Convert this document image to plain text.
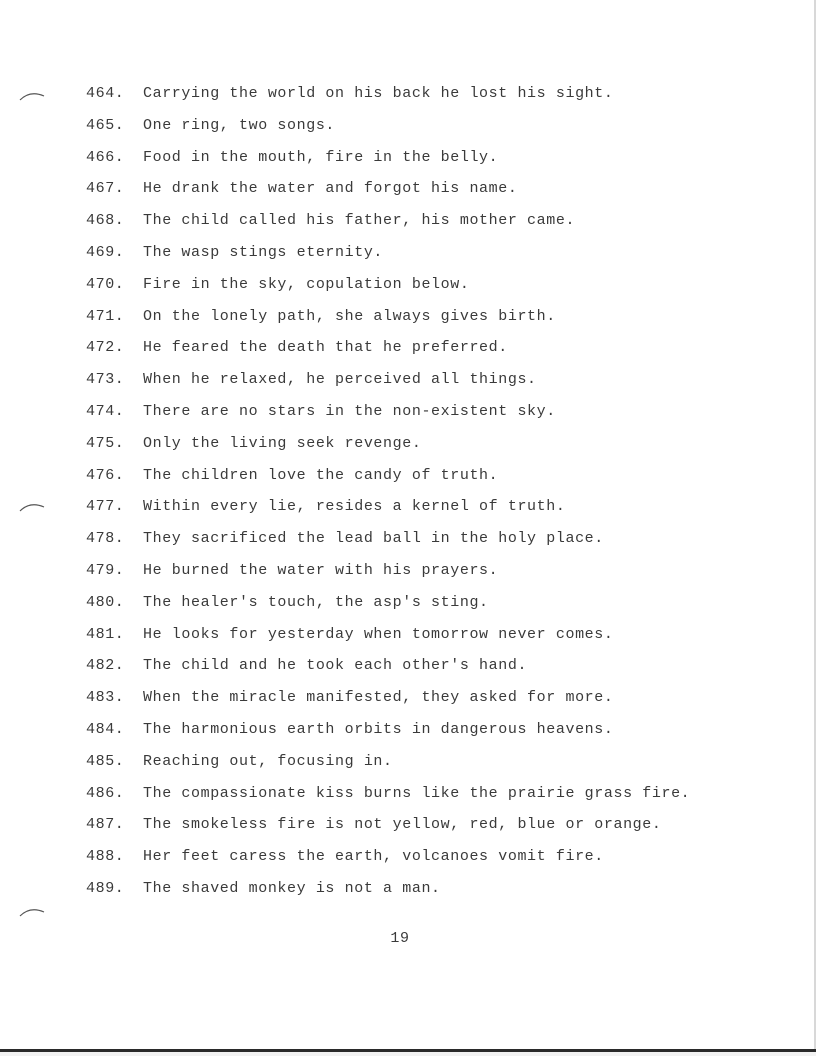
464. Carrying the world on his back he lost his sight.
465. One ring, two songs.
466. Food in the mouth, fire in the belly.
467. He drank the water and forgot his name.
468. The child called his father, his mother came.
469. The wasp stings eternity.
470. Fire in the sky, copulation below.
471. On the lonely path, she always gives birth.
472. He feared the death that he preferred.
473. When he relaxed, he perceived all things.
474. There are no stars in the non-existent sky.
475. Only the living seek revenge.
476. The children love the candy of truth.
477. Within every lie, resides a kernel of truth.
478. They sacrificed the lead ball in the holy place.
479. He burned the water with his prayers.
480. The healer's touch, the asp's sting.
481. He looks for yesterday when tomorrow never comes.
482. The child and he took each other's hand.
483. When the miracle manifested, they asked for more.
484. The harmonious earth orbits in dangerous heavens.
485. Reaching out, focusing in.
486. The compassionate kiss burns like the prairie grass fire.
487. The smokeless fire is not yellow, red, blue or orange.
488. Her feet caress the earth, volcanoes vomit fire.
489. The shaved monkey is not a man.
19
